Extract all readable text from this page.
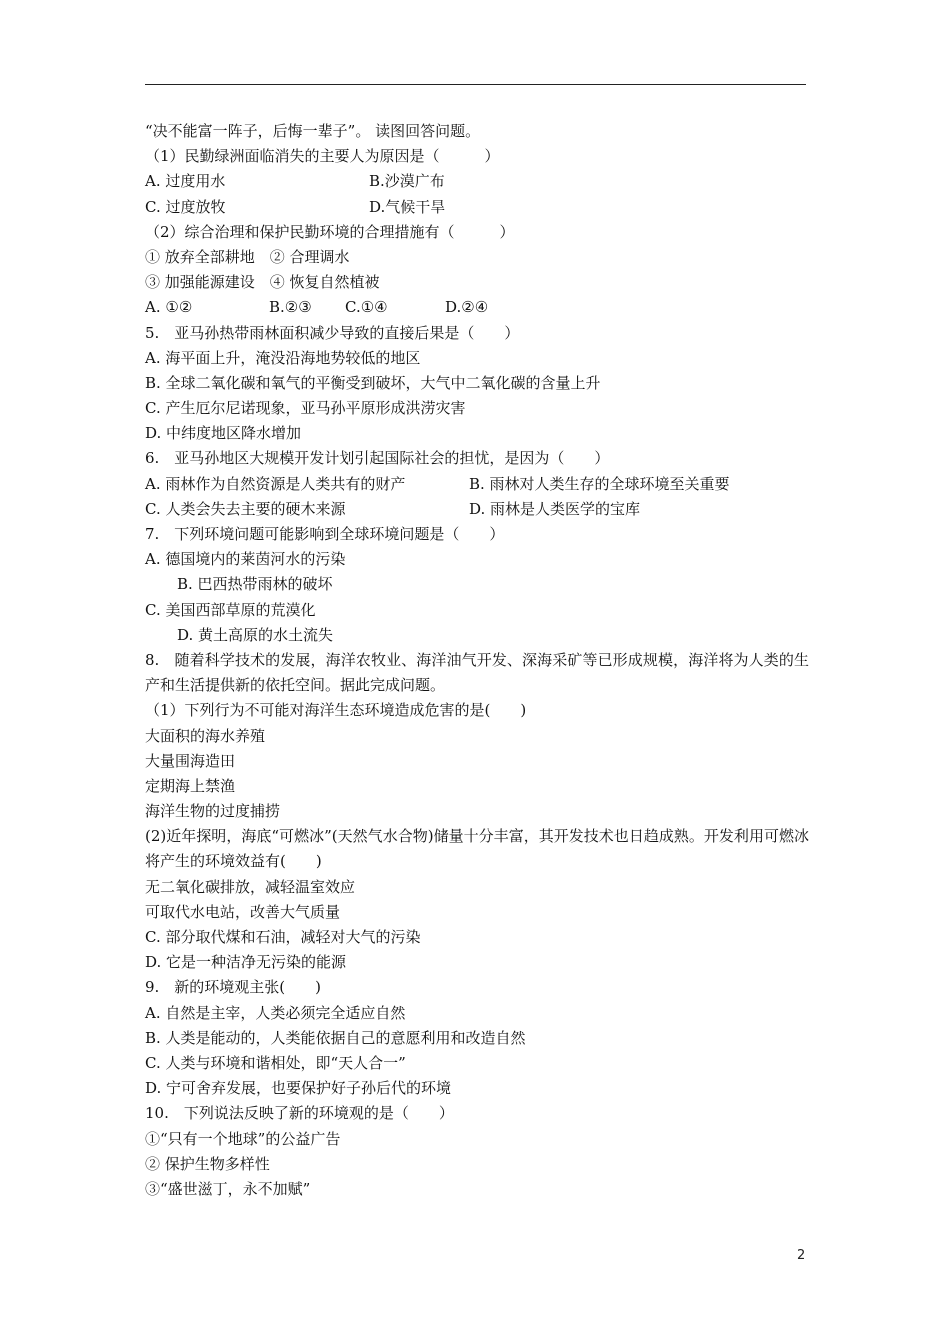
“决不能富一阵子，后悔一辈子”。 读图回答问题。
（1）民勤绿洲面临消失的主要人为原因是（　　　）
A. 过度用水	B.沙漠广布
C. 过度放牧	D.气候干旱
（2）综合治理和保护民勤环境的合理措施有（　　　）
① 放弃全部耕地　② 合理调水
③ 加强能源建设　④ 恢复自然植被
A. ①②	B.②③ C.①④	D.②④
5.　亚马孙热带雨林面积减少导致的直接后果是（　　）
A. 海平面上升，淹没沿海地势较低的地区
B. 全球二氧化碳和氧气的平衡受到破坏，大气中二氧化碳的含量上升
C. 产生厄尔尼诺现象，亚马孙平原形成洪涝灾害
D. 中纬度地区降水增加
6.　亚马孙地区大规模开发计划引起国际社会的担忧，是因为（　　）
A. 雨林作为自然资源是人类共有的财产	B. 雨林对人类生存的全球环境至关重要
C. 人类会失去主要的硬木来源	D. 雨林是人类医学的宝库
7.　下列环境问题可能影响到全球环境问题是（　　）
A. 德国境内的莱茵河水的污染
B. 巴西热带雨林的破坏
C. 美国西部草原的荒漠化
D. 黄土高原的水土流失
8.　随着科学技术的发展，海洋农牧业、海洋油气开发、深海采矿等已形成规模，海洋将为人类的生产和生活提供新的依托空间。据此完成问题。
（1）下列行为不可能对海洋生态环境造成危害的是(　　)
大面积的海水养殖
大量围海造田
定期海上禁渔
海洋生物的过度捕捞
(2)近年探明，海底“可燃冰”(天然气水合物)储量十分丰富，其开发技术也日趋成熟。开发利用可燃冰将产生的环境效益有(　　)
无二氧化碳排放，减轻温室效应
可取代水电站，改善大气质量
C. 部分取代煤和石油，减轻对大气的污染
D. 它是一种洁净无污染的能源
9.　新的环境观主张(　　)
A. 自然是主宰，人类必须完全适应自然
B. 人类是能动的，人类能依据自己的意愿利用和改造自然
C. 人类与环境和谐相处，即“天人合一”
D. 宁可舍弃发展，也要保护好子孙后代的环境
10.　下列说法反映了新的环境观的是（　　）
①“只有一个地球”的公益广告
② 保护生物多样性
③“盛世滋丁，永不加赋”
2
